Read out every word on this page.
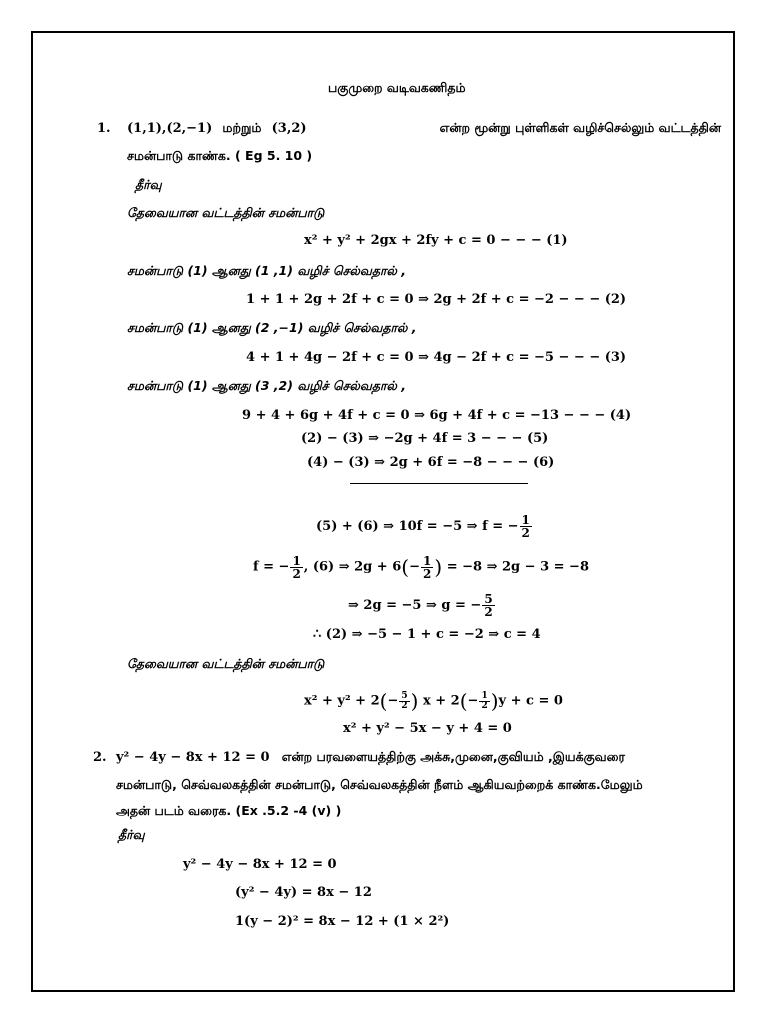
பகுமுறை வடிவகணிதம்
1. (1,1),(2,−1) மற்றும் (3,2)	என்ற மூன்று புள்ளிகள் வழிச்செல்லும் வட்டத்தின்
சமன்பாடு காண்க. ( Eg 5. 10 )
தீர்வு
தேவையான வட்டத்தின் சமன்பாடு
x² + y² + 2gx + 2fy + c = 0 − − − (1)
சமன்பாடு (1) ஆனது (1 ,1) வழிச் செல்வதால் ,
1 + 1 + 2g + 2f + c = 0 ⇒ 2g + 2f + c = −2 − − − (2)
சமன்பாடு (1) ஆனது (2 ,−1) வழிச் செல்வதால் ,
4 + 1 + 4g − 2f + c = 0 ⇒ 4g − 2f + c = −5 − − − (3)
சமன்பாடு (1) ஆனது (3 ,2) வழிச் செல்வதால் ,
9 + 4 + 6g + 4f + c = 0 ⇒ 6g + 4f + c = −13 − − − (4)
(2) − (3) ⇒ −2g + 4f = 3 − − − (5)
(4) − (3) ⇒ 2g + 6f = −8 − − − (6)
(5) + (6) ⇒ 10f = −5 ⇒ f = − $\frac{1}{2}$
f = − $\frac{1}{2}$ , (6) ⇒ $2g + 6(- \frac{1}{2}$ ) = −8 ⇒ 2g − 3 = −8
⇒ 2g = −5 ⇒ g = − $\frac{5}{2}$
∴ (2) ⇒ −5 − 1 + c = −2 ⇒ c = 4
தேவையான வட்டத்தின் சமன்பாடு
$x^2 + y^2 + 2(- \frac{5}{2}$ ) $x + 2(- \frac{1}{2} )y + c = 0$
x² + y² − 5x − y + 4 = 0
2. y² − 4y − 8x + 12 = 0 என்ற பரவளையத்திற்கு அக்சு,முனை,குவியம் ,இயக்குவரை
சமன்பாடு, செவ்வலகத்தின் சமன்பாடு, செவ்வலகத்தின் நீளம் ஆகியவற்றைக் காண்க.மேலும்
அதன் படம் வரைக. (Ex .5.2 -4 (v) )
தீர்வு
y² − 4y − 8x + 12 = 0
(y² − 4y) = 8x − 12
1(y − 2)² = 8x − 12 + (1 × 2²)
